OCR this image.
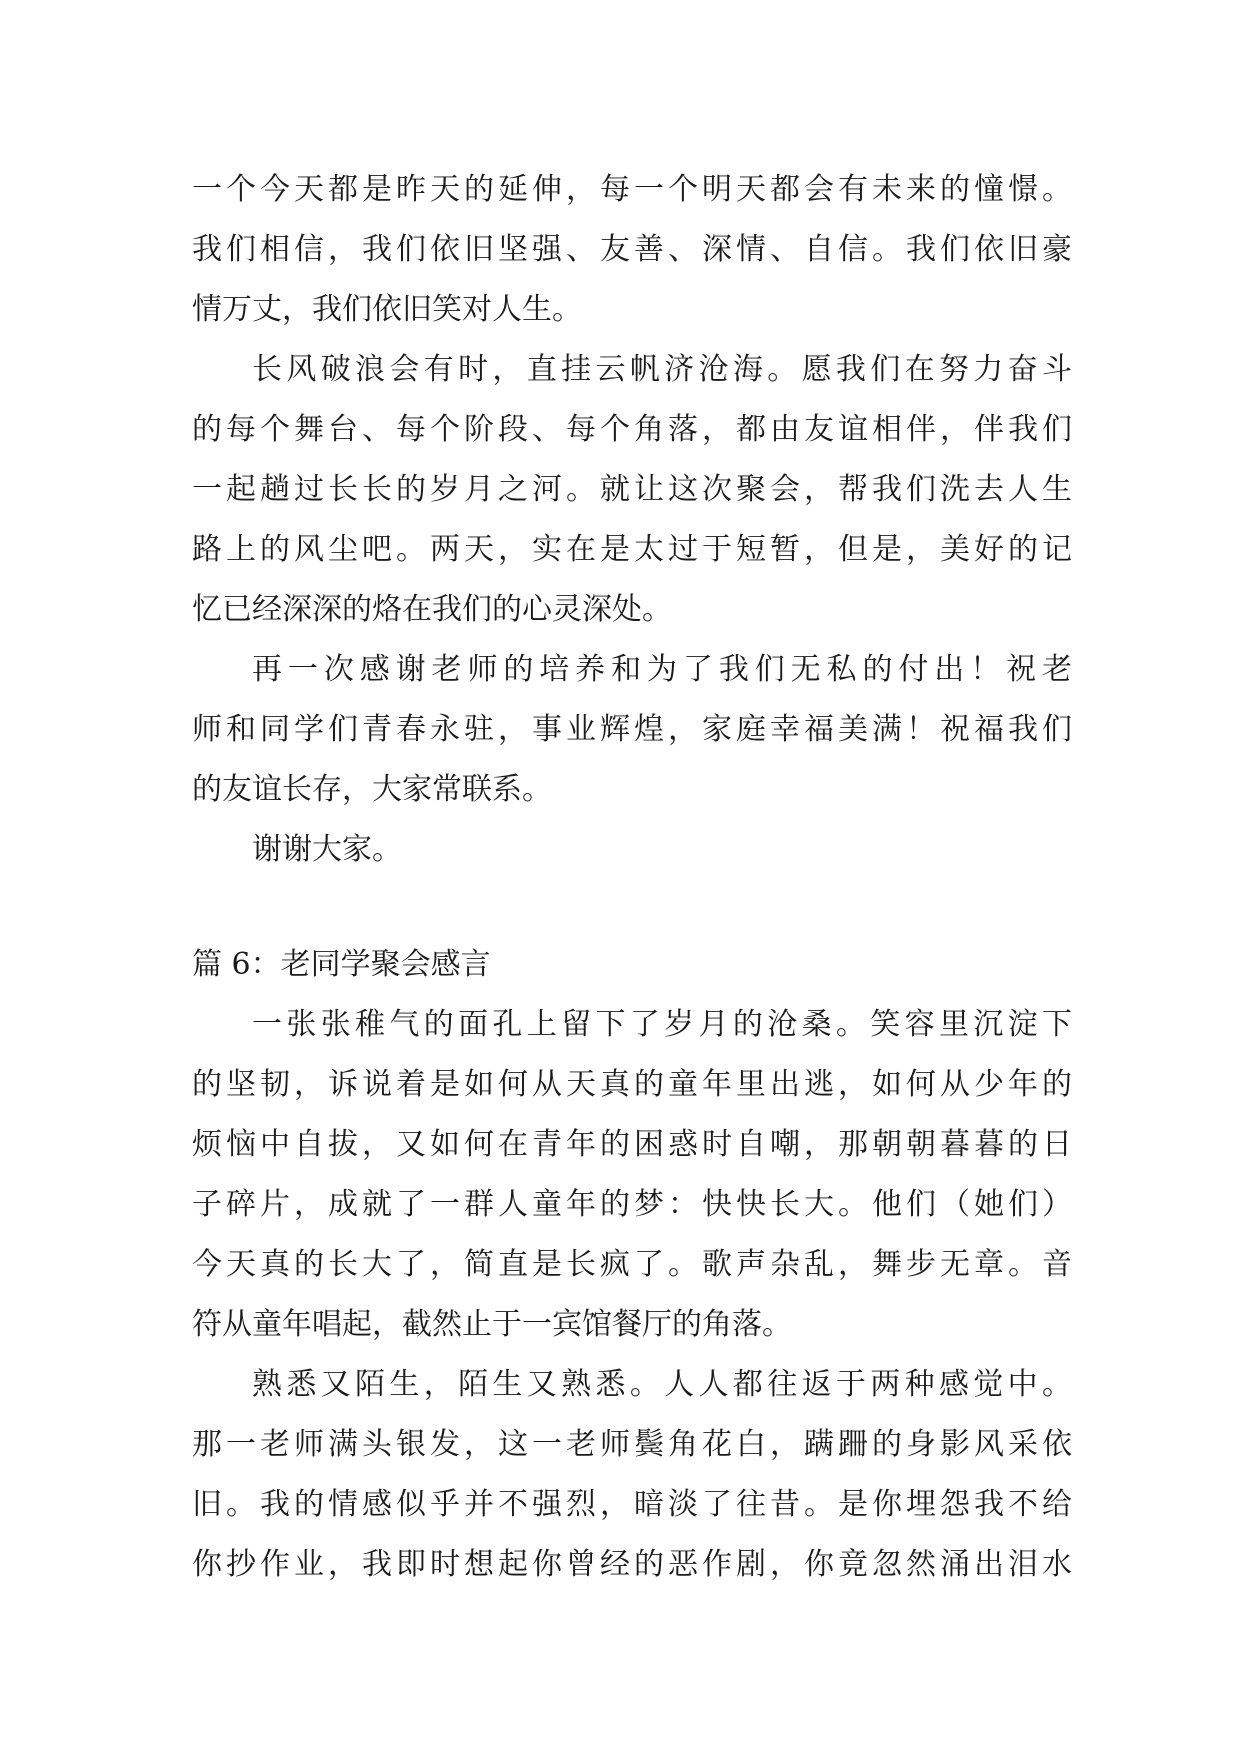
一个今天都是昨天的延伸，每一个明天都会有未来的憧憬。

我们相信，我们依旧坚强、友善、深情、自信。我们依旧豪

情万丈，我们依旧笑对人生。

长风破浪会有时，直挂云帆济沧海。愿我们在努力奋斗

的每个舞台、每个阶段、每个角落，都由友谊相伴，伴我们

一起趟过长长的岁月之河。就让这次聚会，帮我们洗去人生

路上的风尘吧。两天，实在是太过于短暂，但是，美好的记

忆已经深深的烙在我们的心灵深处。

再一次感谢老师的培养和为了我们无私的付出！祝老

师和同学们青春永驻，事业辉煌，家庭幸福美满！祝福我们

的友谊长存，大家常联系。

谢谢大家。

篇 6：老同学聚会感言

一张张稚气的面孔上留下了岁月的沧桑。笑容里沉淀下

的坚韧，诉说着是如何从天真的童年里出逃，如何从少年的

烦恼中自拔，又如何在青年的困惑时自嘲，那朝朝暮暮的日

子碎片，成就了一群人童年的梦：快快长大。他们（她们）

今天真的长大了，简直是长疯了。歌声杂乱，舞步无章。音

符从童年唱起，截然止于一宾馆餐厅的角落。

熟悉又陌生，陌生又熟悉。人人都往返于两种感觉中。

那一老师满头银发，这一老师鬓角花白，蹒跚的身影风采依

旧。我的情感似乎并不强烈，暗淡了往昔。是你埋怨我不给

你抄作业，我即时想起你曾经的恶作剧，你竟忽然涌出泪水
